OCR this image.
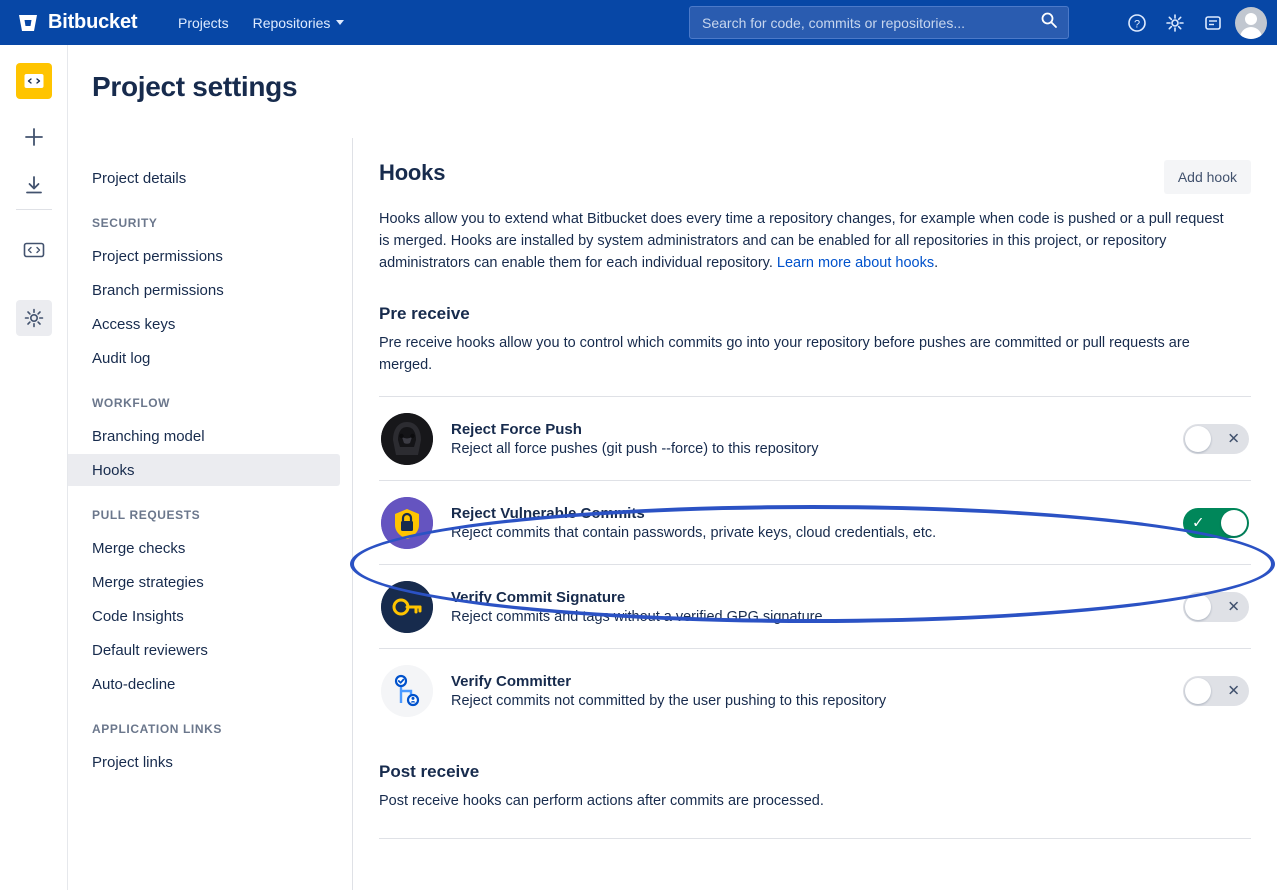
Bitbucket	Projects Repositories
Search for code, commits or repositories...	?
Project settings
Project details
SECURITY
Project permissions
Branch permissions
Access keys
Audit log
WORKFLOW
Branching model
Hooks
PULL REQUESTS
Merge checks
Merge strategies
Code Insights
Default reviewers
Auto-decline
APPLICATION LINKS
Project links
Hooks	Add hook

Hooks allow you to extend what Bitbucket does every time a repository changes, for example when code is pushed or a pull request is merged. Hooks are installed by system administrators and can be enabled for all repositories in this project, or repository administrators can enable them for each individual repository. Learn more about hooks.

Pre receive
Pre receive hooks allow you to control which commits go into your repository before pushes are committed or pull requests are merged.
Reject Force Push
Reject all force pushes (git push --force) to this repository
✕
Reject Vulnerable Commits
Reject commits that contain passwords, private keys, cloud credentials, etc.
✓
Verify Commit Signature
Reject commits and tags without a verified GPG signature
✕
Verify Committer
Reject commits not committed by the user pushing to this repository
✕
Post receive
Post receive hooks can perform actions after commits are processed.
